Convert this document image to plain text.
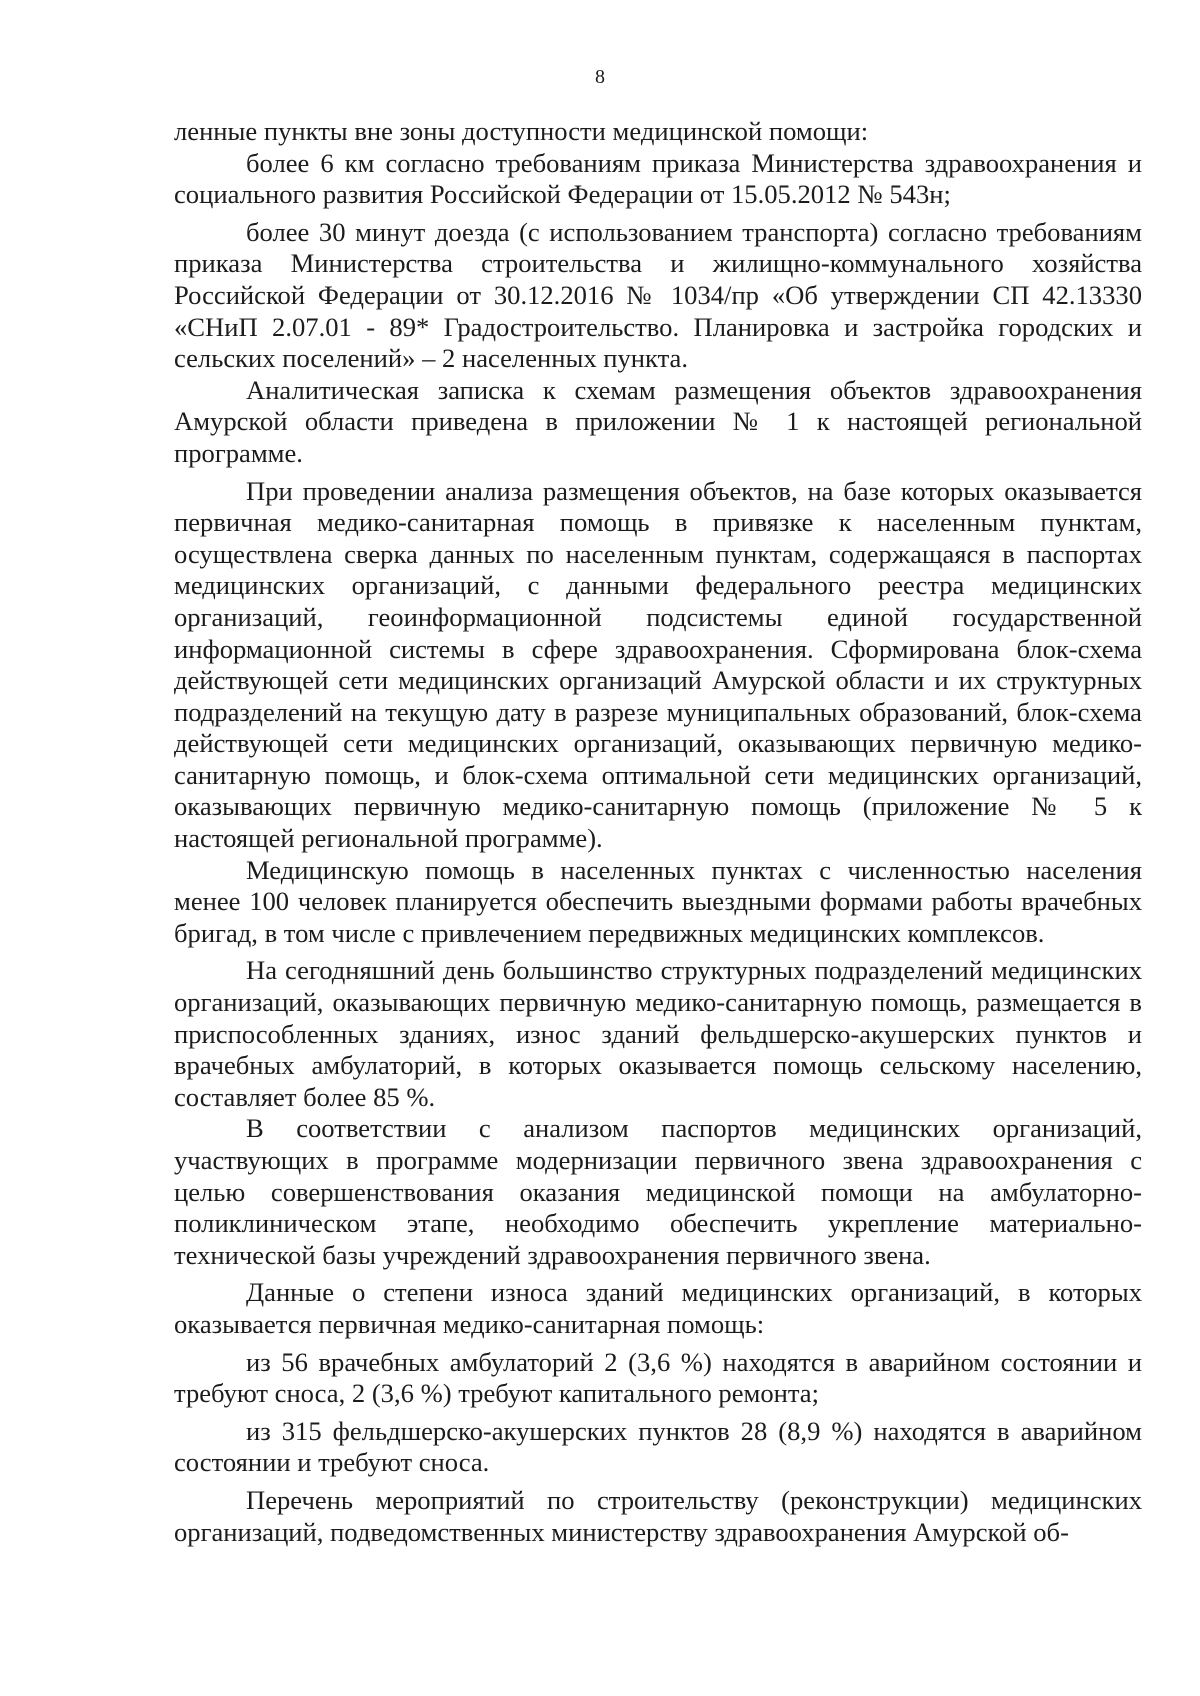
8

ленные пункты вне зоны доступности медицинской помощи:

более 6 км согласно требованиям приказа Министерства здравоохранения и социального развития Российской Федерации от 15.05.2012 № 543н;

более 30 минут доезда (с использованием транспорта) согласно требованиям приказа Министерства строительства и жилищно-коммунального хозяйства Российской Федерации от 30.12.2016 № 1034/пр «Об утверждении СП 42.13330 «СНиП 2.07.01 - 89* Градостроительство. Планировка и застройка городских и сельских поселений» – 2 населенных пункта.

Аналитическая записка к схемам размещения объектов здравоохранения Амурской области приведена в приложении № 1 к настоящей региональной программе.

При проведении анализа размещения объектов, на базе которых оказывается первичная медико-санитарная помощь в привязке к населенным пунктам, осуществлена сверка данных по населенным пунктам, содержащаяся в паспортах медицинских организаций, с данными федерального реестра медицинских организаций, геоинформационной подсистемы единой государственной информационной системы в сфере здравоохранения. Сформирована блок-схема действующей сети медицинских организаций Амурской области и их структурных подразделений на текущую дату в разрезе муниципальных образований, блок-схема действующей сети медицинских организаций, оказывающих первичную медико-санитарную помощь, и блок-схема оптимальной сети медицинских организаций, оказывающих первичную медико-санитарную помощь (приложение № 5 к настоящей региональной программе).

Медицинскую помощь в населенных пунктах с численностью населения менее 100 человек планируется обеспечить выездными формами работы врачебных бригад, в том числе с привлечением передвижных медицинских комплексов.

На сегодняшний день большинство структурных подразделений медицинских организаций, оказывающих первичную медико-санитарную помощь, размещается в приспособленных зданиях, износ зданий фельдшерско-акушерских пунктов и врачебных амбулаторий, в которых оказывается помощь сельскому населению, составляет более 85 %.

В соответствии с анализом паспортов медицинских организаций, участвующих в программе модернизации первичного звена здравоохранения с целью совершенствования оказания медицинской помощи на амбулаторно-поликлиническом этапе, необходимо обеспечить укрепление материально-технической базы учреждений здравоохранения первичного звена.

Данные о степени износа зданий медицинских организаций, в которых оказывается первичная медико-санитарная помощь:

из 56 врачебных амбулаторий 2 (3,6 %) находятся в аварийном состоянии и требуют сноса, 2 (3,6 %) требуют капитального ремонта;

из 315 фельдшерско-акушерских пунктов 28 (8,9 %) находятся в аварийном состоянии и требуют сноса.

Перечень мероприятий по строительству (реконструкции) медицинских организаций, подведомственных министерству здравоохранения Амурской об-
